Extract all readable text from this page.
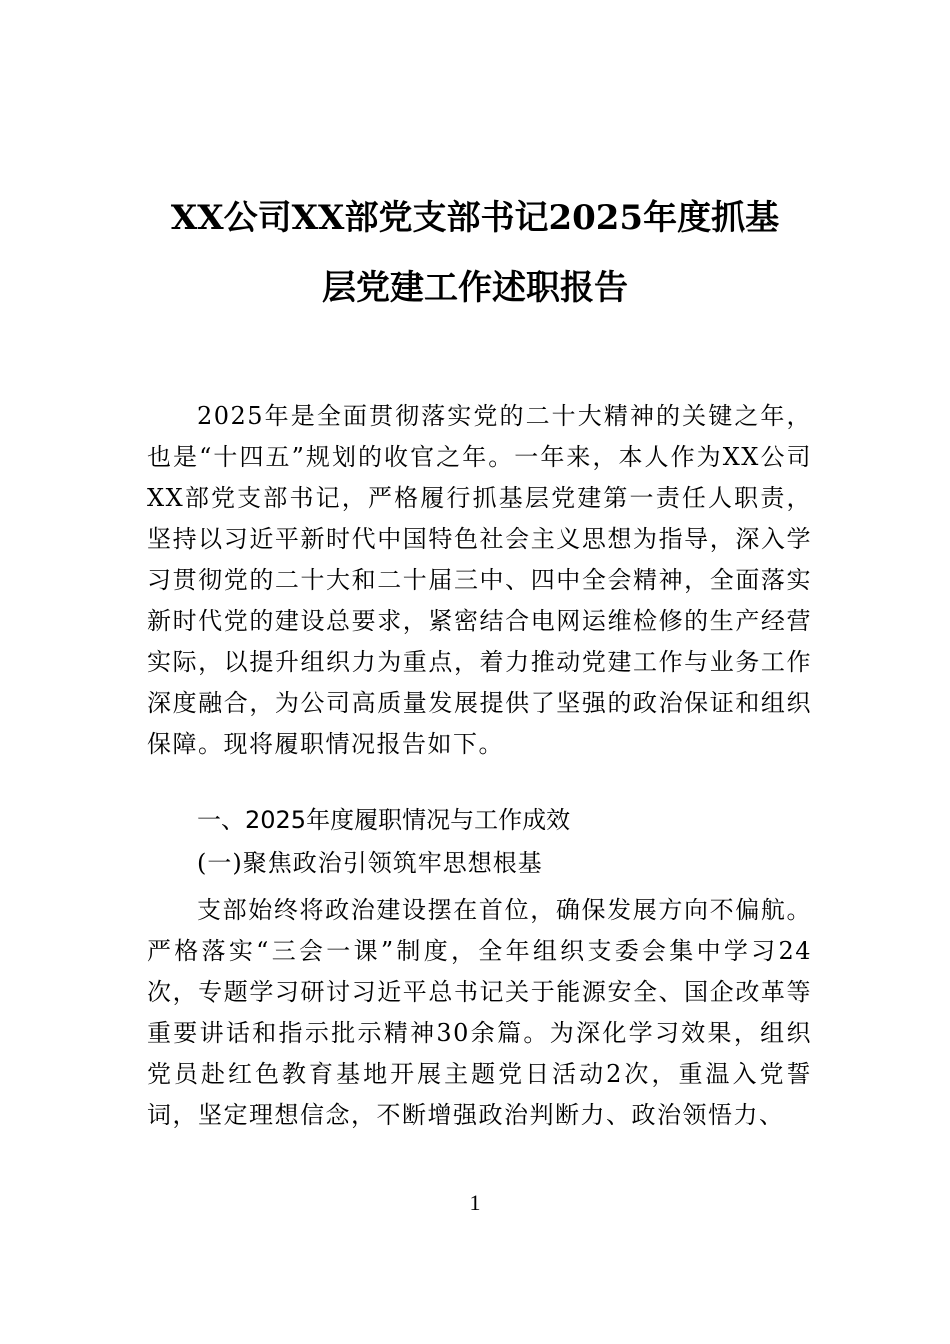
XX公司XX部党支部书记2025年度抓基
层党建工作述职报告
2025年是全面贯彻落实党的二十大精神的关键之年，也是“十四五”规划的收官之年。一年来，本人作为XX公司XX部党支部书记，严格履行抓基层党建第一责任人职责，坚持以习近平新时代中国特色社会主义思想为指导，深入学习贯彻党的二十大和二十届三中、四中全会精神，全面落实新时代党的建设总要求，紧密结合电网运维检修的生产经营实际，以提升组织力为重点，着力推动党建工作与业务工作深度融合，为公司高质量发展提供了坚强的政治保证和组织保障。现将履职情况报告如下。
一、2025年度履职情况与工作成效
(一)聚焦政治引领筑牢思想根基
支部始终将政治建设摆在首位，确保发展方向不偏航。严格落实“三会一课”制度，全年组织支委会集中学习24次，专题学习研讨习近平总书记关于能源安全、国企改革等重要讲话和指示批示精神30余篇。为深化学习效果，组织党员赴红色教育基地开展主题党日活动2次，重温入党誓词，坚定理想信念，不断增强政治判断力、政治领悟力、
1
